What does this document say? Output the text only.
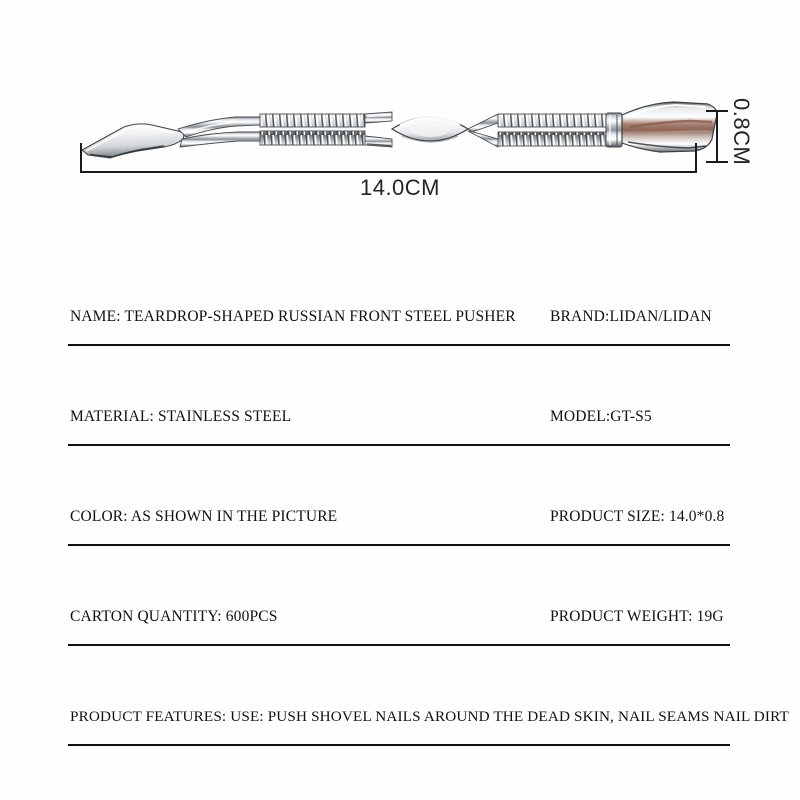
14.0CM
0.8CM
NAME: TEARDROP-SHAPED RUSSIAN FRONT STEEL PUSHER BRAND:LIDAN/LIDAN
MATERIAL: STAINLESS STEEL	MODEL:GT-S5
COLOR: AS SHOWN IN THE PICTURE	PRODUCT SIZE: 14.0*0.8
CARTON QUANTITY: 600PCS	PRODUCT WEIGHT: 19G
PRODUCT FEATURES: USE: PUSH SHOVEL NAILS AROUND THE DEAD SKIN, NAIL SEAMS NAIL DIRT
